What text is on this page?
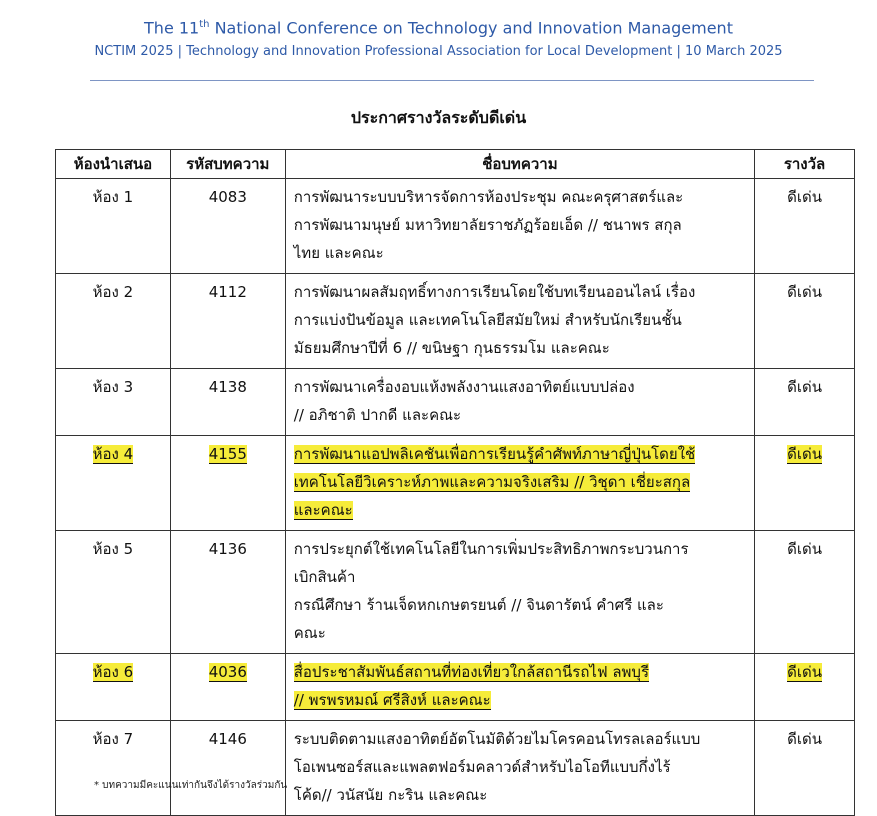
The 11th National Conference on Technology and Innovation Management
NCTIM 2025 | Technology and Innovation Professional Association for Local Development | 10 March 2025
ประกาศรางวัลระดับดีเด่น
ห้องนำเสนอ	รหัสบทความ	ชื่อบทความ	รางวัล
ห้อง 1	4083	การพัฒนาระบบบริหารจัดการห้องประชุม คณะครุศาสตร์และ
การพัฒนามนุษย์ มหาวิทยาลัยราชภัฏร้อยเอ็ด // ชนาพร สกุล
ไทย และคณะ	ดีเด่น
ห้อง 2	4112	การพัฒนาผลสัมฤทธิ์ทางการเรียนโดยใช้บทเรียนออนไลน์ เรื่อง
การแบ่งปันข้อมูล และเทคโนโลยีสมัยใหม่ สำหรับนักเรียนชั้น
มัธยมศึกษาปีที่ 6 // ขนิษฐา กุนธรรมโม และคณะ	ดีเด่น
ห้อง 3	4138	การพัฒนาเครื่องอบแห้งพลังงานแสงอาทิตย์แบบปล่อง
// อภิชาติ ปากดี และคณะ	ดีเด่น
ห้อง 4	4155	การพัฒนาแอปพลิเคชันเพื่อการเรียนรู้คำศัพท์ภาษาญี่ปุ่นโดยใช้
เทคโนโลยีวิเคราะห์ภาพและความจริงเสริม // วิชุดา เชี่ยะสกุล
และคณะ	ดีเด่น
ห้อง 5	4136	การประยุกต์ใช้เทคโนโลยีในการเพิ่มประสิทธิภาพกระบวนการ
เบิกสินค้า
กรณีศึกษา ร้านเจ็ดหกเกษตรยนต์ // จินดารัตน์ คำศรี และ
คณะ	ดีเด่น
ห้อง 6	4036	สื่อประชาสัมพันธ์สถานที่ท่องเที่ยวใกล้สถานีรถไฟ ลพบุรี
// พรพรหมณ์ ศรีสิงห์ และคณะ	ดีเด่น
ห้อง 7	4146	ระบบติดตามแสงอาทิตย์อัตโนมัติด้วยไมโครคอนโทรลเลอร์แบบ
โอเพนซอร์สและแพลตฟอร์มคลาวด์สำหรับไอโอทีแบบกึ่งไร้
โค้ด// วนัสนัย กะริน และคณะ	ดีเด่น
* บทความมีคะแนนเท่ากันจึงได้รางวัลร่วมกัน
